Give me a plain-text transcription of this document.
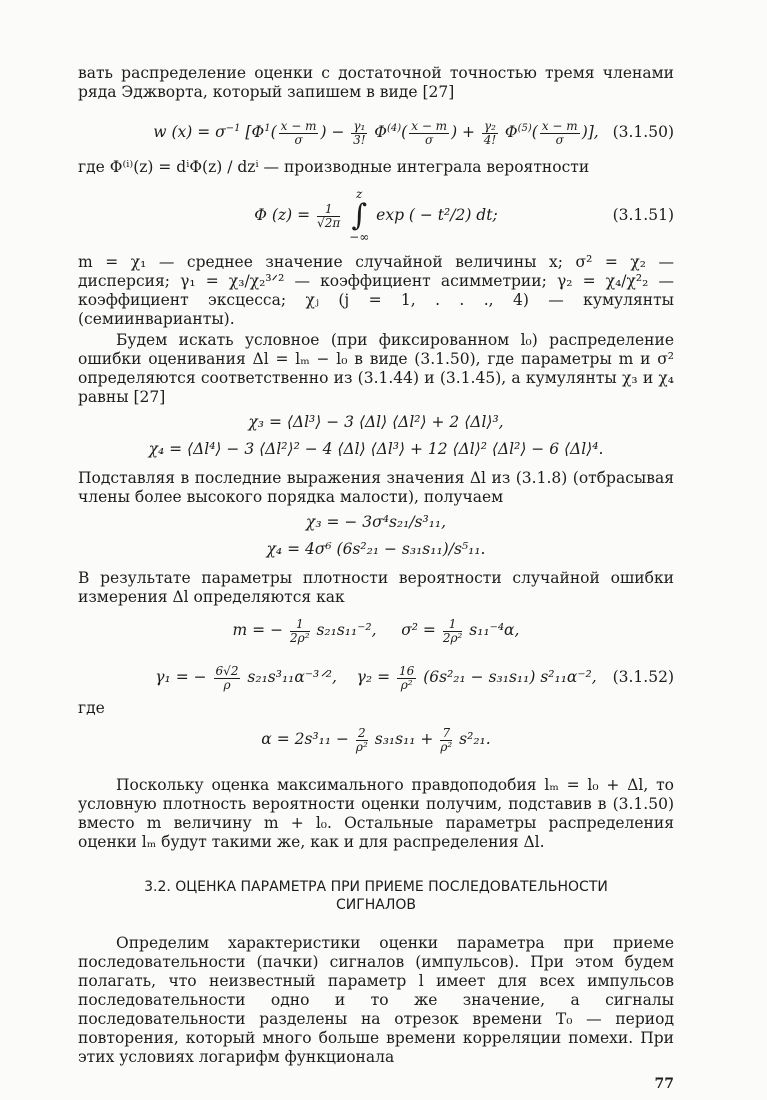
вать распределение оценки с достаточной точностью тремя членами ряда Эджворта, который запишем в виде [27]

w $(x) = \sigma^{-1}$ [$\Phi^1( \frac{x - m}{\sigma}$ ) − $\frac{\text{γ₁}}{3!} \Phi^{(4)}( \frac{x - m}{\sigma}$ ) + $\frac{\text{γ₂}}{4!} \Phi^{(5)}( \frac{x - m}{\sigma}$ )], (3.1.50)

где Φ⁽ⁱ⁾(z) = dⁱΦ(z) / dzⁱ — производные интеграла вероятности

Φ $(z) = \frac{1}{√2\pi}$
z
∫
−∞ exp ( − t²/2) dt;	(3.1.51)

m = χ₁ — среднее значение случайной величины x; σ² = χ₂ — дисперсия; γ₁ = χ₃/χ₂³ᐟ² — коэффициент асимметрии; γ₂ = χ₄/χ²₂ — коэффициент эксцесса; χⱼ (j = 1, . . ., 4) — кумулянты (семиинварианты).

Будем искать условное (при фиксированном l₀) распределение ошибки оценивания Δl = lₘ − l₀ в виде (3.1.50), где параметры m и σ² определяются соответственно из (3.1.44) и (3.1.45), а кумулянты χ₃ и χ₄ равны [27]

χ₃ = ⟨Δl³⟩ − 3 ⟨Δl⟩ ⟨Δl²⟩ + 2 ⟨Δl⟩³,
χ₄ = ⟨Δl⁴⟩ − 3 ⟨Δl²⟩² − 4 ⟨Δl⟩ ⟨Δl³⟩ + 12 ⟨Δl⟩² ⟨Δl²⟩ − 6 ⟨Δl⟩⁴.

Подставляя в последние выражения значения Δl из (3.1.8) (отбрасывая члены более высокого порядка малости), получаем

χ₃ = − 3σ⁴s₂₁/s³₁₁,
χ₄ = 4σ⁶ (6s²₂₁ − s₃₁s₁₁)/s⁵₁₁.

В результате параметры плотности вероятности случайной ошибки измерения Δl определяются как

m = − $\frac{1}{\text{2ρ²}} s_{21}s_{11}^{-2}$, $\sigma^2 = \frac{1}{\text{2ρ²}} s_{11}^{-4}\alpha$,
γ₁ = − $\frac{6√2}{\rho}$ s₂₁s³₁₁α⁻³ᐟ², $\gamma_2 = \frac{16}{\text{ρ²}} (6s^2_{21} - s_{31}s_{11})$ s²₁₁α⁻², (3.1.52)

где

$\alpha = 2s^3_{11} - \frac{2}{\text{ρ²}} s_{31}s_{11} + \frac{7}{\text{ρ²}} s^2_{21}$.

Поскольку оценка максимального правдоподобия lₘ = l₀ + Δl, то условную плотность вероятности оценки получим, подставив в (3.1.50) вместо m величину m + l₀. Остальные параметры распределения оценки lₘ будут такими же, как и для распределения Δl.

3.2. ОЦЕНКА ПАРАМЕТРА ПРИ ПРИЕМЕ ПОСЛЕДОВАТЕЛЬНОСТИ

СИГНАЛОВ

Определим характеристики оценки параметра при приеме последовательности (пачки) сигналов (импульсов). При этом будем полагать, что неизвестный параметр l имеет для всех импульсов последовательности одно и то же значение, а сигналы последовательности разделены на отрезок времени T₀ — период повторения, который много больше времени корреляции помехи. При этих условиях логарифм функционала

77
